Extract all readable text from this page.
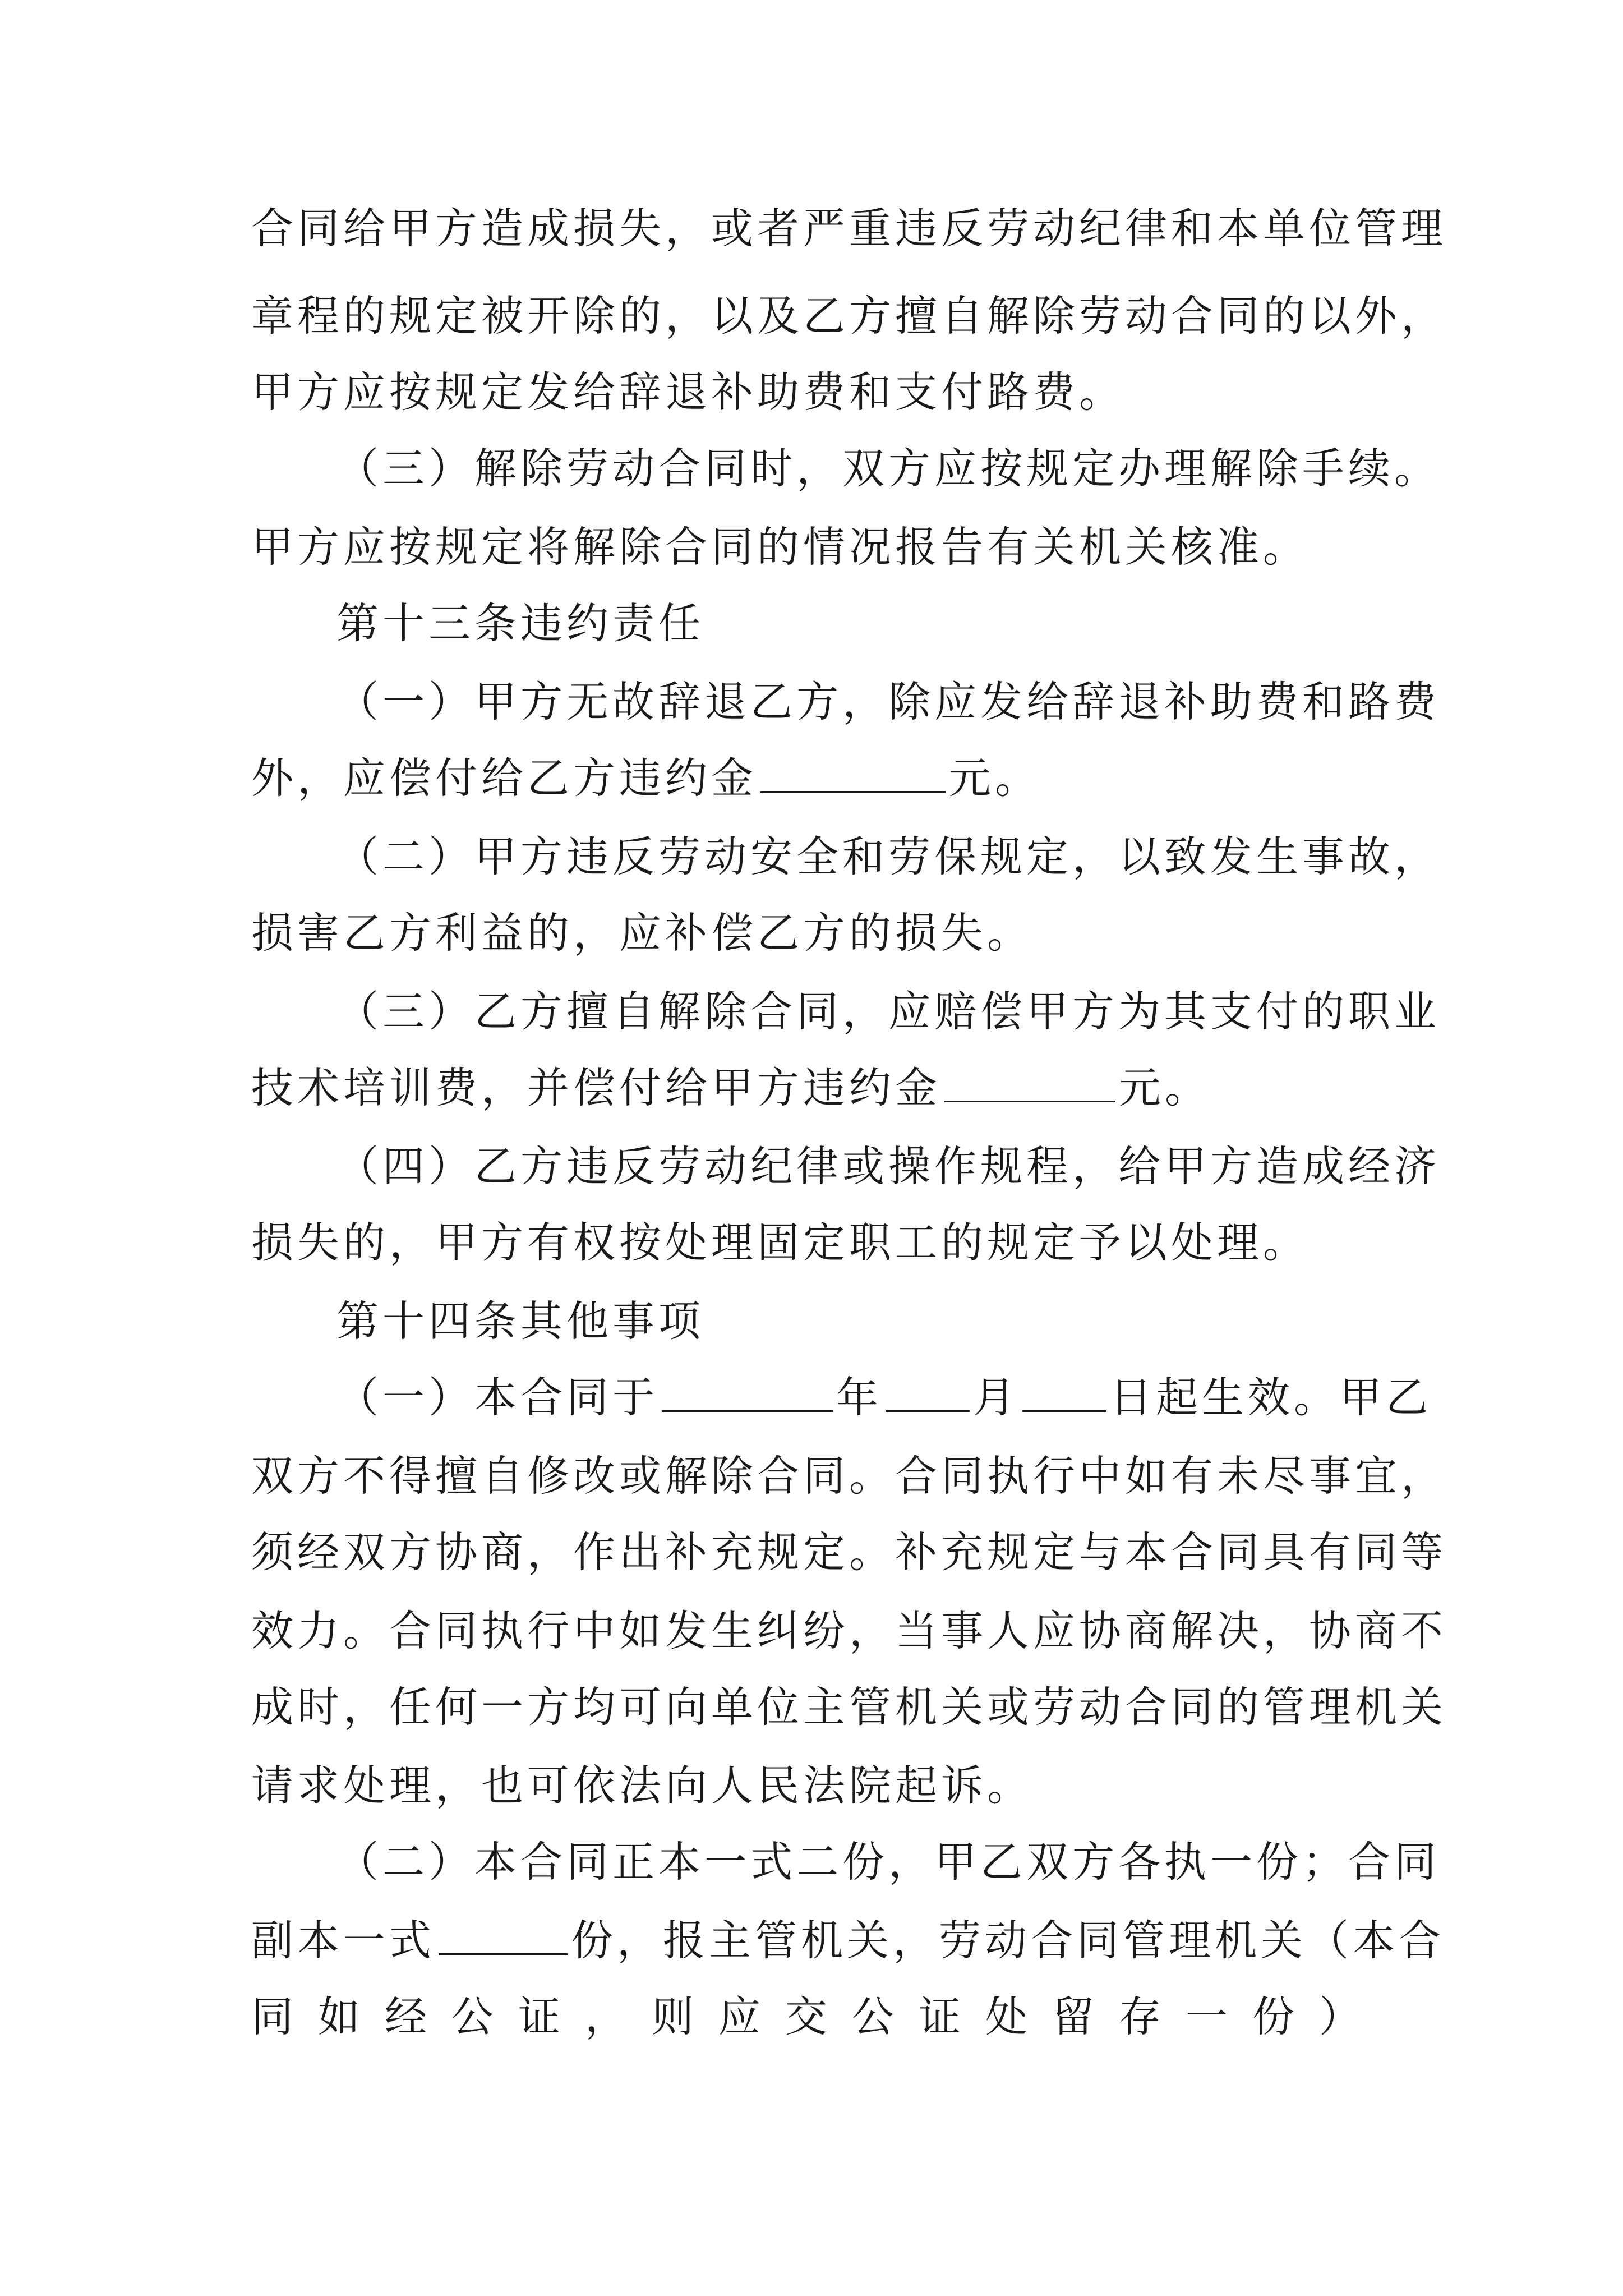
合同给甲方造成损失，或者严重违反劳动纪律和本单位管理
章程的规定被开除的，以及乙方擅自解除劳动合同的以外，
甲方应按规定发给辞退补助费和支付路费。
（三）解除劳动合同时，双方应按规定办理解除手续。
甲方应按规定将解除合同的情况报告有关机关核准。
第十三条违约责任
（一）甲方无故辞退乙方，除应发给辞退补助费和路费
外，应偿付给乙方违约金	元。
（二）甲方违反劳动安全和劳保规定，以致发生事故，
损害乙方利益的，应补偿乙方的损失。
（三）乙方擅自解除合同，应赔偿甲方为其支付的职业
技术培训费，并偿付给甲方违约金	元。
（四）乙方违反劳动纪律或操作规程，给甲方造成经济
损失的，甲方有权按处理固定职工的规定予以处理。
第十四条其他事项
（一）本合同于	年 月 日起生效。甲乙
双方不得擅自修改或解除合同。合同执行中如有未尽事宜，
须经双方协商，作出补充规定。补充规定与本合同具有同等
效力。合同执行中如发生纠纷，当事人应协商解决，协商不
成时，任何一方均可向单位主管机关或劳动合同的管理机关
请求处理，也可依法向人民法院起诉。
（二）本合同正本一式二份，甲乙双方各执一份；合同
副本一式	份，报主管机关，劳动合同管理机关（本合
同如经公证，则应交公证处留存一份）
